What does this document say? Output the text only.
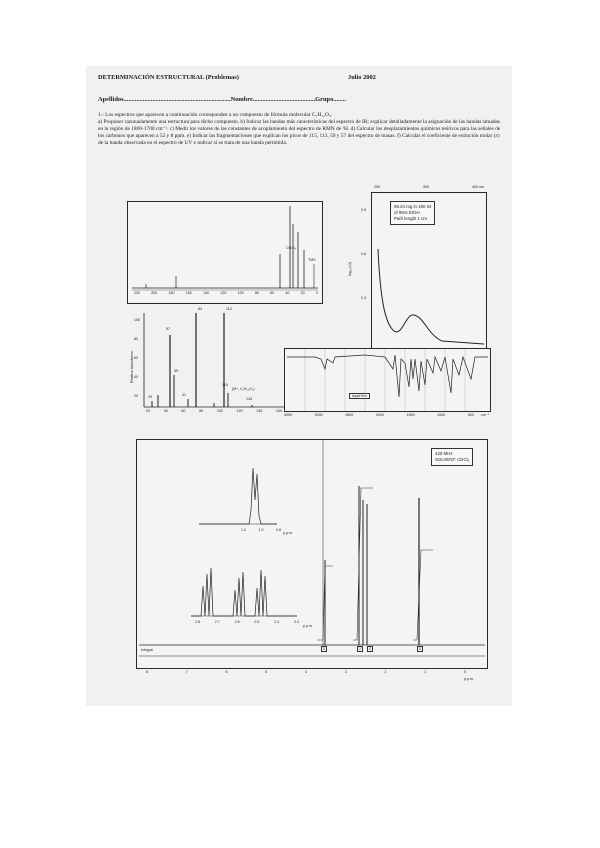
DETERMINACIÓN ESTRUCTURAL (Problemas)	Julio 2002
Apellidos...................................................................Nombre.......................................Grupo........
1.- Los espectros que aparecen a continuación corresponden a un compuesto de fórmula molecular C₇H₁₂O₃.
a) Proponer razonadamente una estructura para dicho compuesto. b) Indicar las bandas más características del espectro de IR; explicar detalladamente la asignación de las bandas situadas en la región de 1800-1700 cm⁻¹. c) Medir los valores de las constantes de acoplamiento del espectro de RMN de ¹H. d) Calcular los desplazamientos químicos teóricos para las señales de los carbonos que aparecen a 52 y 8 ppm. e) Indicar las fragmentaciones que explican los picos de 115, 113, 59 y 57 del espectro de masas. f) Calcular el coeficiente de extinción molar (ε) de la banda observada en el espectro de UV e indicar si se trata de una banda permitida.
220	200	180	160	140	120	100	80	60	40	20	0
CDCl₃
TMS
200	300	400 nm
99.24 mg in 100 ml
of 95% EtOH
Path length 1 cm
0.9
0.6
0.3
log₁₀(I₀/I)
57
84	113
115
59
29	41
(M⁺, C₇H₁₂O₃)
144
20	40	60	80	100	120	140	160
100
80
60
40
20
Relative Abundance
liquid film
4000	3000	2500	2000	1500	1000	500 cm⁻¹
420 MHz
SOLVENT: CDCl₃
1.2	1.0	0.8
p.p.m.
2.8	2.7	2.6	2.5	2.4	2.3
p.p.m.
Integral	3	2	2	3
8	7	6	5	4	3	2	1	0
p.p.m.
